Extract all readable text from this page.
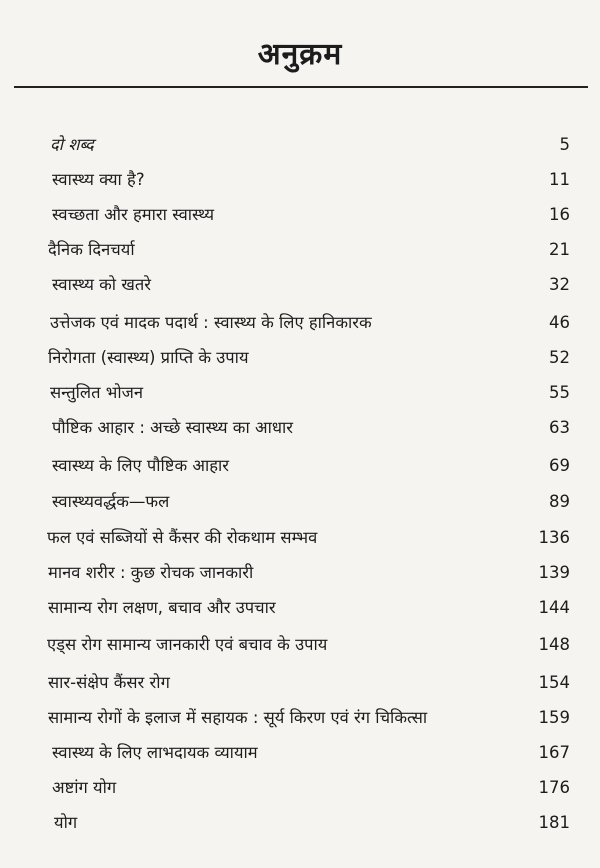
अनुक्रम
दो शब्द	5
स्वास्थ्य क्या है?	11
स्वच्छता और हमारा स्वास्थ्य	16
दैनिक दिनचर्या	21
स्वास्थ्य को खतरे	32
उत्तेजक एवं मादक पदार्थ : स्वास्थ्य के लिए हानिकारक	46
निरोगता (स्वास्थ्य) प्राप्ति के उपाय	52
सन्तुलित भोजन	55
पौष्टिक आहार : अच्छे स्वास्थ्य का आधार	63
स्वास्थ्य के लिए पौष्टिक आहार	69
स्वास्थ्यवर्द्धक—फल	89
फल एवं सब्जियों से कैंसर की रोकथाम सम्भव	136
मानव शरीर : कुछ रोचक जानकारी	139
सामान्य रोग लक्षण, बचाव और उपचार	144
एड्स रोग सामान्य जानकारी एवं बचाव के उपाय	148
सार-संक्षेप कैंसर रोग	154
सामान्य रोगों के इलाज में सहायक : सूर्य किरण एवं रंग चिकित्सा	159
स्वास्थ्य के लिए लाभदायक व्यायाम	167
अष्टांग योग	176
योग	181
